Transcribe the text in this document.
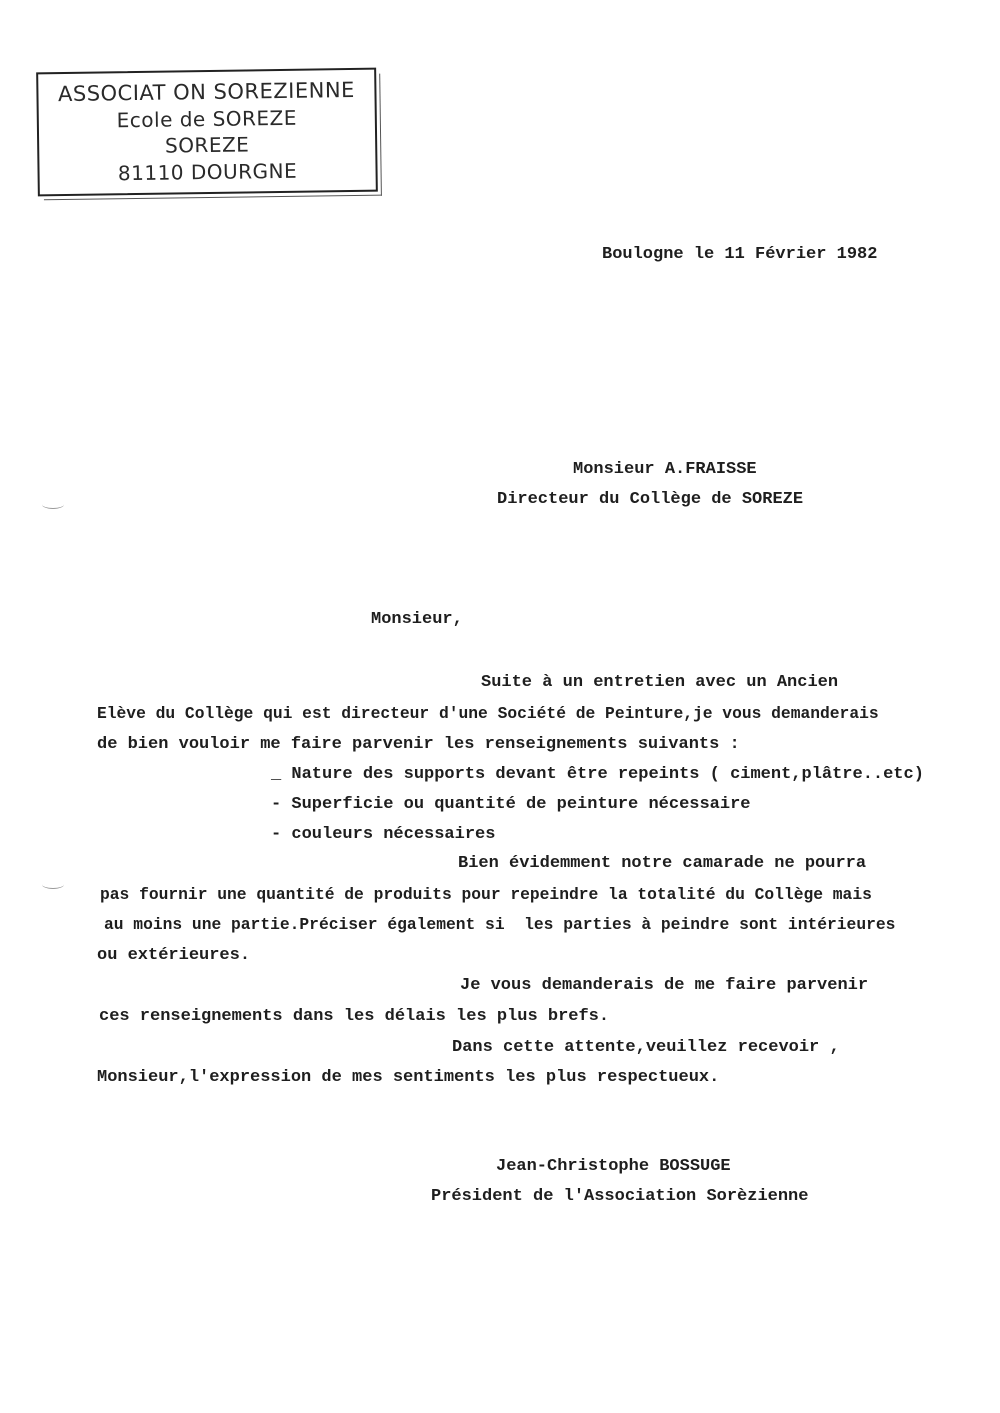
ASSOCIAT ON SOREZIENNE
Ecole de SOREZE
SOREZE
81110 DOURGNE
Boulogne le 11 Février 1982
Monsieur A.FRAISSE
Directeur du Collège de SOREZE
Monsieur,
Suite à un entretien avec un Ancien
Elève du Collège qui est directeur d'une Société de Peinture,je vous demanderais
de bien vouloir me faire parvenir les renseignements suivants :
_ Nature des supports devant être repeints ( ciment,plâtre..etc)
- Superficie ou quantité de peinture nécessaire
- couleurs nécessaires
Bien évidemment notre camarade ne pourra
pas fournir une quantité de produits pour repeindre la totalité du Collège mais
au moins une partie.Préciser également si  les parties à peindre sont intérieures
ou extérieures.
Je vous demanderais de me faire parvenir
ces renseignements dans les délais les plus brefs.
Dans cette attente,veuillez recevoir ,
Monsieur,l'expression de mes sentiments les plus respectueux.
Jean-Christophe BOSSUGE
Président de l'Association Sorèzienne
